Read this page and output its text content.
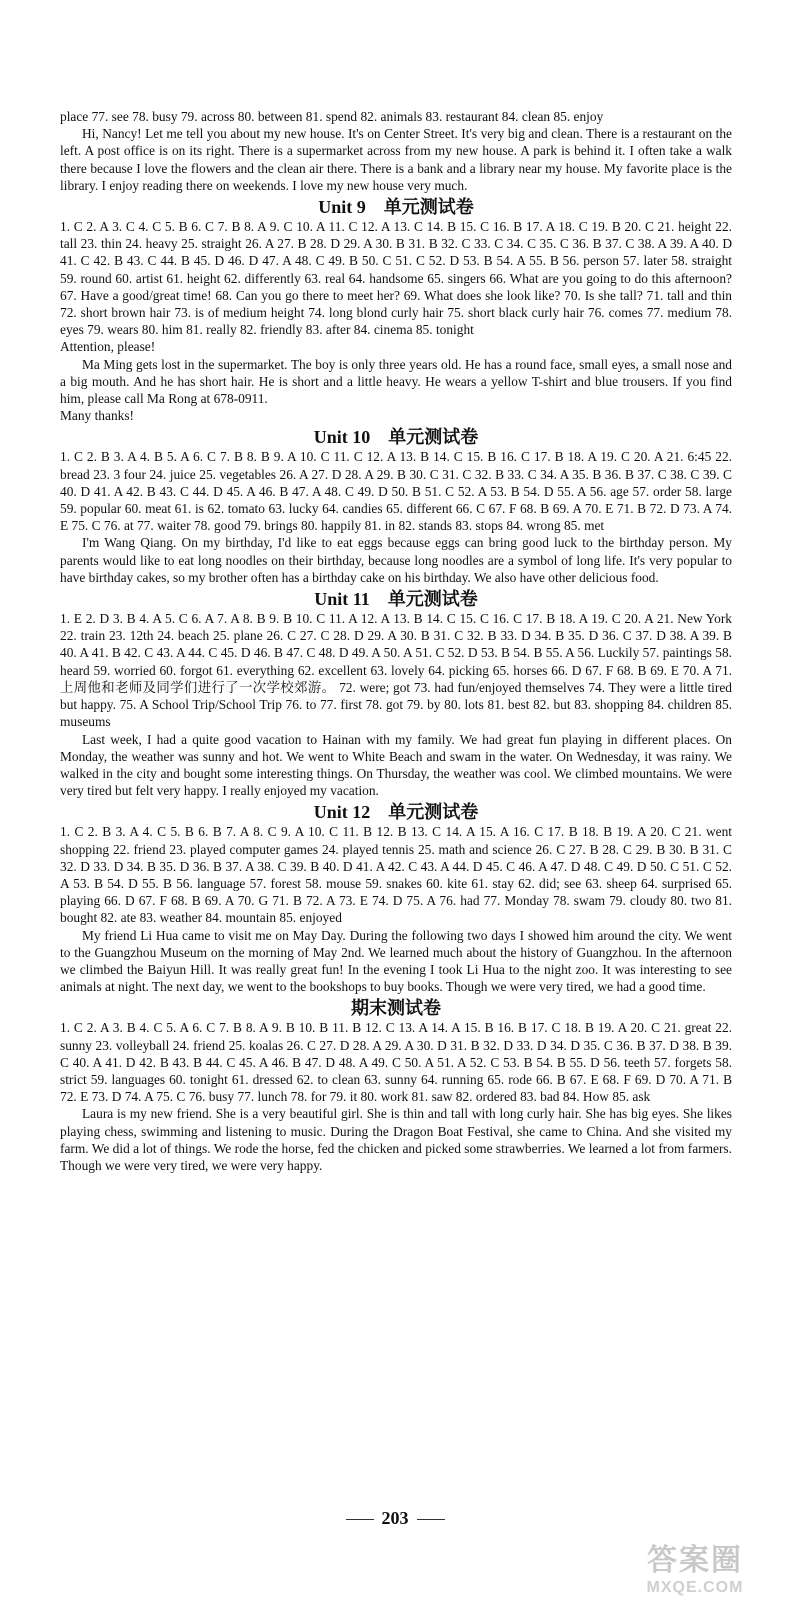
place 77. see 78. busy 79. across 80. between 81. spend 82. animals 83. restaurant 84. clean 85. enjoy

Hi, Nancy! Let me tell you about my new house. It's on Center Street. It's very big and clean. There is a restaurant on the left. A post office is on its right. There is a supermarket across from my new house. A park is behind it. I often take a walk there because I love the flowers and the clean air there. There is a bank and a library near my house. My favorite place is the library. I enjoy reading there on weekends. I love my new house very much.

Unit 9　单元测试卷

1. C 2. A 3. C 4. C 5. B 6. C 7. B 8. A 9. C 10. A 11. C 12. A 13. C 14. B 15. C 16. B 17. A 18. C 19. B 20. C 21. height 22. tall 23. thin 24. heavy 25. straight 26. A 27. B 28. D 29. A 30. B 31. B 32. C 33. C 34. C 35. C 36. B 37. C 38. A 39. A 40. D 41. C 42. B 43. C 44. B 45. D 46. D 47. A 48. C 49. B 50. C 51. C 52. D 53. B 54. A 55. B 56. person 57. later 58. straight 59. round 60. artist 61. height 62. differently 63. real 64. handsome 65. singers 66. What are you going to do this afternoon? 67. Have a good/great time! 68. Can you go there to meet her? 69. What does she look like? 70. Is she tall? 71. tall and thin 72. short brown hair 73. is of medium height 74. long blond curly hair 75. short black curly hair 76. comes 77. medium 78. eyes 79. wears 80. him 81. really 82. friendly 83. after 84. cinema 85. tonight

Attention, please!

Ma Ming gets lost in the supermarket. The boy is only three years old. He has a round face, small eyes, a small nose and a big mouth. And he has short hair. He is short and a little heavy. He wears a yellow T-shirt and blue trousers. If you find him, please call Ma Rong at 678-0911.

Many thanks!

Unit 10　单元测试卷

1. C 2. B 3. A 4. B 5. A 6. C 7. B 8. B 9. A 10. C 11. C 12. A 13. B 14. C 15. B 16. C 17. B 18. A 19. C 20. A 21. 6:45 22. bread 23. 3 four 24. juice 25. vegetables 26. A 27. D 28. A 29. B 30. C 31. C 32. B 33. C 34. A 35. B 36. B 37. C 38. C 39. C 40. D 41. A 42. B 43. C 44. D 45. A 46. B 47. A 48. C 49. D 50. B 51. C 52. A 53. B 54. D 55. A 56. age 57. order 58. large 59. popular 60. meat 61. is 62. tomato 63. lucky 64. candies 65. different 66. C 67. F 68. B 69. A 70. E 71. B 72. D 73. A 74. E 75. C 76. at 77. waiter 78. good 79. brings 80. happily 81. in 82. stands 83. stops 84. wrong 85. met

I'm Wang Qiang. On my birthday, I'd like to eat eggs because eggs can bring good luck to the birthday person. My parents would like to eat long noodles on their birthday, because long noodles are a symbol of long life. It's very popular to have birthday cakes, so my brother often has a birthday cake on his birthday. We also have other delicious food.

Unit 11　单元测试卷

1. E 2. D 3. B 4. A 5. C 6. A 7. A 8. B 9. B 10. C 11. A 12. A 13. B 14. C 15. C 16. C 17. B 18. A 19. C 20. A 21. New York 22. train 23. 12th 24. beach 25. plane 26. C 27. C 28. D 29. A 30. B 31. C 32. B 33. D 34. B 35. D 36. C 37. D 38. A 39. B 40. A 41. B 42. C 43. A 44. C 45. D 46. B 47. C 48. D 49. A 50. A 51. C 52. D 53. B 54. B 55. A 56. Luckily 57. paintings 58. heard 59. worried 60. forgot 61. everything 62. excellent 63. lovely 64. picking 65. horses 66. D 67. F 68. B 69. E 70. A 71. 上周他和老师及同学们进行了一次学校郊游。 72. were; got 73. had fun/enjoyed themselves 74. They were a little tired but happy. 75. A School Trip/School Trip 76. to 77. first 78. got 79. by 80. lots 81. best 82. but 83. shopping 84. children 85. museums

Last week, I had a quite good vacation to Hainan with my family. We had great fun playing in different places. On Monday, the weather was sunny and hot. We went to White Beach and swam in the water. On Wednesday, it was rainy. We walked in the city and bought some interesting things. On Thursday, the weather was cool. We climbed mountains. We were very tired but felt very happy. I really enjoyed my vacation.

Unit 12　单元测试卷

1. C 2. B 3. A 4. C 5. B 6. B 7. A 8. C 9. A 10. C 11. B 12. B 13. C 14. A 15. A 16. C 17. B 18. B 19. A 20. C 21. went shopping 22. friend 23. played computer games 24. played tennis 25. math and science 26. C 27. B 28. C 29. B 30. B 31. C 32. D 33. D 34. B 35. D 36. B 37. A 38. C 39. B 40. D 41. A 42. C 43. A 44. D 45. C 46. A 47. D 48. C 49. D 50. C 51. C 52. A 53. B 54. D 55. B 56. language 57. forest 58. mouse 59. snakes 60. kite 61. stay 62. did; see 63. sheep 64. surprised 65. playing 66. D 67. F 68. B 69. A 70. G 71. B 72. A 73. E 74. D 75. A 76. had 77. Monday 78. swam 79. cloudy 80. two 81. bought 82. ate 83. weather 84. mountain 85. enjoyed

My friend Li Hua came to visit me on May Day. During the following two days I showed him around the city. We went to the Guangzhou Museum on the morning of May 2nd. We learned much about the history of Guangzhou. In the afternoon we climbed the Baiyun Hill. It was really great fun! In the evening I took Li Hua to the night zoo. It was interesting to see animals at night. The next day, we went to the bookshops to buy books. Though we were very tired, we had a good time.

期末测试卷

1. C 2. A 3. B 4. C 5. A 6. C 7. B 8. A 9. B 10. B 11. B 12. C 13. A 14. A 15. B 16. B 17. C 18. B 19. A 20. C 21. great 22. sunny 23. volleyball 24. friend 25. koalas 26. C 27. D 28. A 29. A 30. D 31. B 32. D 33. D 34. D 35. C 36. B 37. D 38. B 39. C 40. A 41. D 42. B 43. B 44. C 45. A 46. B 47. D 48. A 49. C 50. A 51. A 52. C 53. B 54. B 55. D 56. teeth 57. forgets 58. strict 59. languages 60. tonight 61. dressed 62. to clean 63. sunny 64. running 65. rode 66. B 67. E 68. F 69. D 70. A 71. B 72. E 73. D 74. A 75. C 76. busy 77. lunch 78. for 79. it 80. work 81. saw 82. ordered 83. bad 84. How 85. ask

Laura is my new friend. She is a very beautiful girl. She is thin and tall with long curly hair. She has big eyes. She likes playing chess, swimming and listening to music. During the Dragon Boat Festival, she came to China. And she visited my farm. We did a lot of things. We rode the horse, fed the chicken and picked some strawberries. We learned a lot from farmers. Though we were very tired, we were very happy.

203
答案圈
MXQE.COM
